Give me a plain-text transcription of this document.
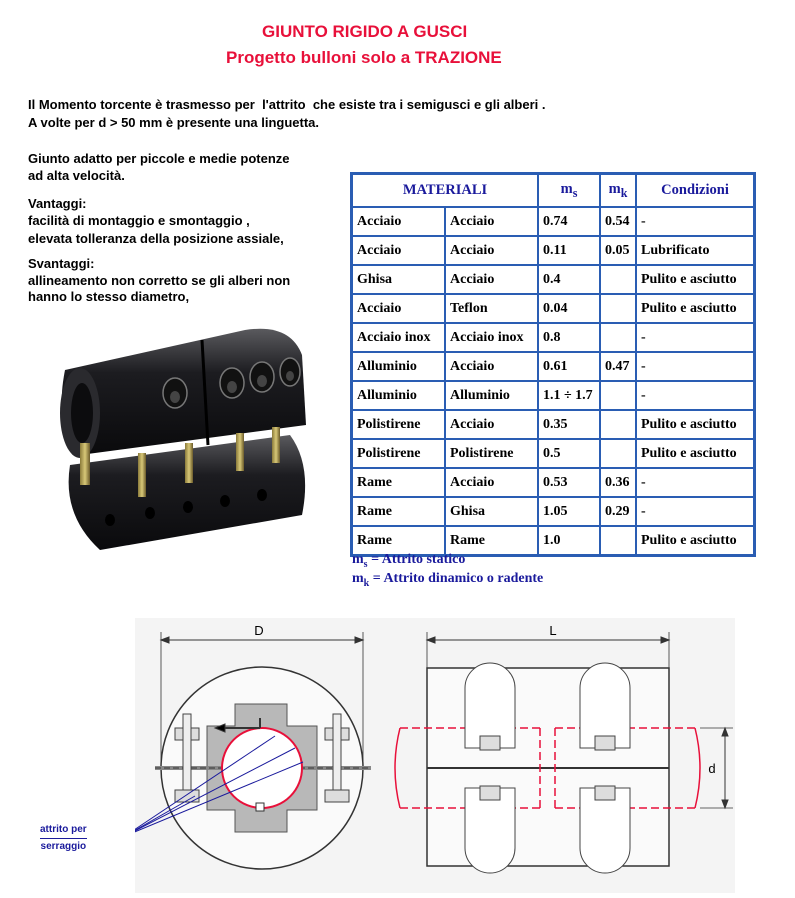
GIUNTO RIGIDO A GUSCI
Progetto bulloni solo a TRAZIONE
Il Momento torcente è trasmesso per  l'attrito  che esiste tra i semigusci e gli alberi .
A volte per d > 50 mm è presente una linguetta.
Giunto adatto per piccole e medie potenze
ad alta velocità.
Vantaggi:
facilità di montaggio e smontaggio ,
elevata tolleranza della posizione assiale,
Svantaggi:
allineamento non corretto se gli alberi non
hanno lo stesso diametro,
MATERIALI		$m_s$	$m_k$	Condizioni
Acciaio	Acciaio	0.74	0.54	-
Acciaio	Acciaio	0.11	0.05	Lubrificato
Ghisa	Acciaio	0.4		Pulito e asciutto
Acciaio	Teflon	0.04		Pulito e asciutto
Acciaio inox	Acciaio inox	0.8		-
Alluminio	Acciaio	0.61	0.47	-
Alluminio	Alluminio	1.1 ÷ 1.7		-
Polistirene	Acciaio	0.35		Pulito e asciutto
Polistirene	Polistirene	0.5		Pulito e asciutto
Rame	Acciaio	0.53	0.36	-
Rame	Ghisa	1.05	0.29	-
Rame	Rame	1.0		Pulito e asciutto
$m_s$ = Attrito statico
$m_k$ = Attrito dinamico o radente
D	L
d
attrito per
serraggio
